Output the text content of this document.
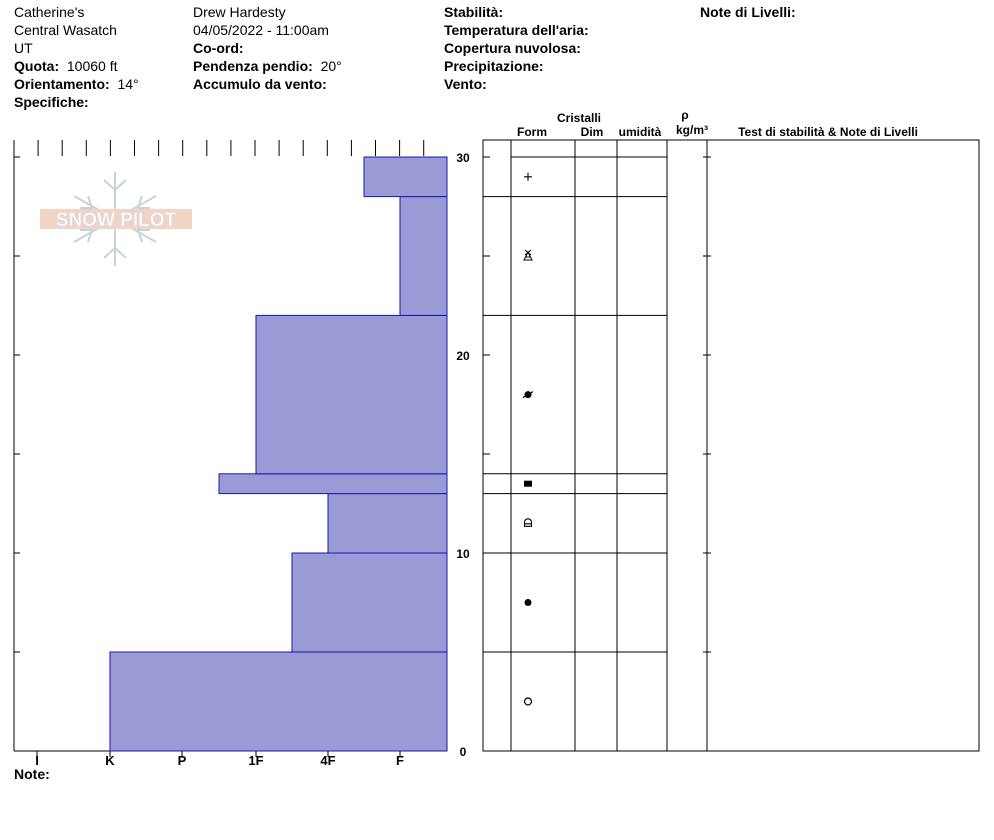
Catherine's
Central Wasatch
UT
Quota: 10060 ft
Orientamento: 14°
Specifiche:
Drew Hardesty
04/05/2022 - 11:00am
Co-ord:
Pendenza pendio: 20°
Accumulo da vento:
Stabilità:
Temperatura dell'aria:
Copertura nuvolosa:
Precipitazione:
Vento:
Note di Livelli:
Note:
SNOW PILOT
I	K	P	1F	4F	F
0
10
20
30
Cristalli
Form	Dim umidità
ρ
kg/m³	Test di stabilità & Note di Livelli
